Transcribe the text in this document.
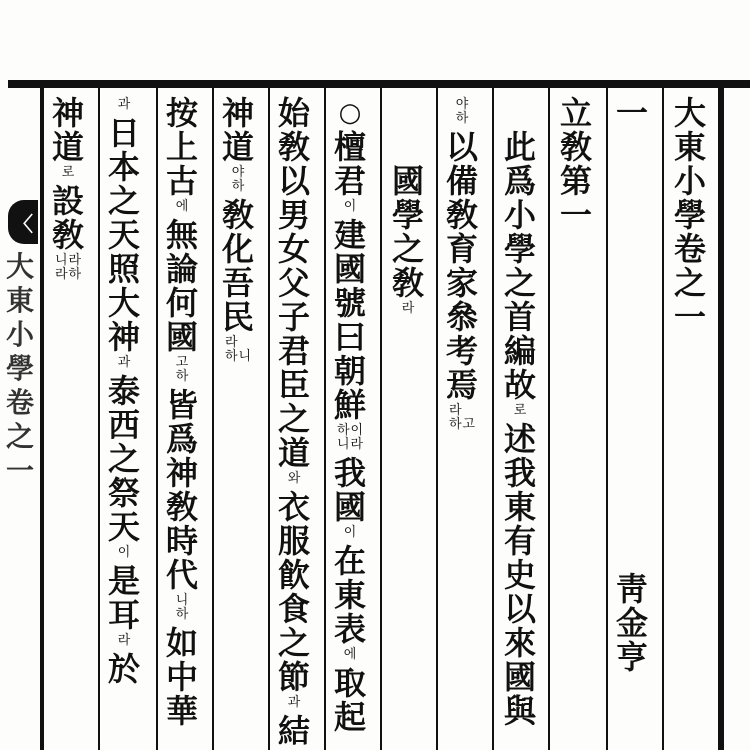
〈
大
東
小
學
卷
之
一
大
東
小
學
卷
之
一
一
靑
金
亨
立
敎
第
一
此
爲
小
學
之
首
編
故
로
述
我
東
有
史
以
來
國
與
야
하
以
備
敎
育
家
叅
考
焉
라
하
고
國
學
之
敎
라
○
檀
君
이
建
國
號
曰
朝
鮮
하
니
이
라
我
國
이
在
東
表
에
取
起
始
敎
以
男
女
父
子
君
臣
之
道
와
衣
服
飮
食
之
節
과
結
神
道
야
하
敎
化
吾
民
라
하
니
按
上
古
에
無
論
何
國
고
하
皆
爲
神
敎
時
代
니
하
如
中
華
과
日
本
之
天
照
大
神
과
泰
西
之
祭
天
이
是
耳
라
於
神
道
로
設
敎
니
라
라
하
